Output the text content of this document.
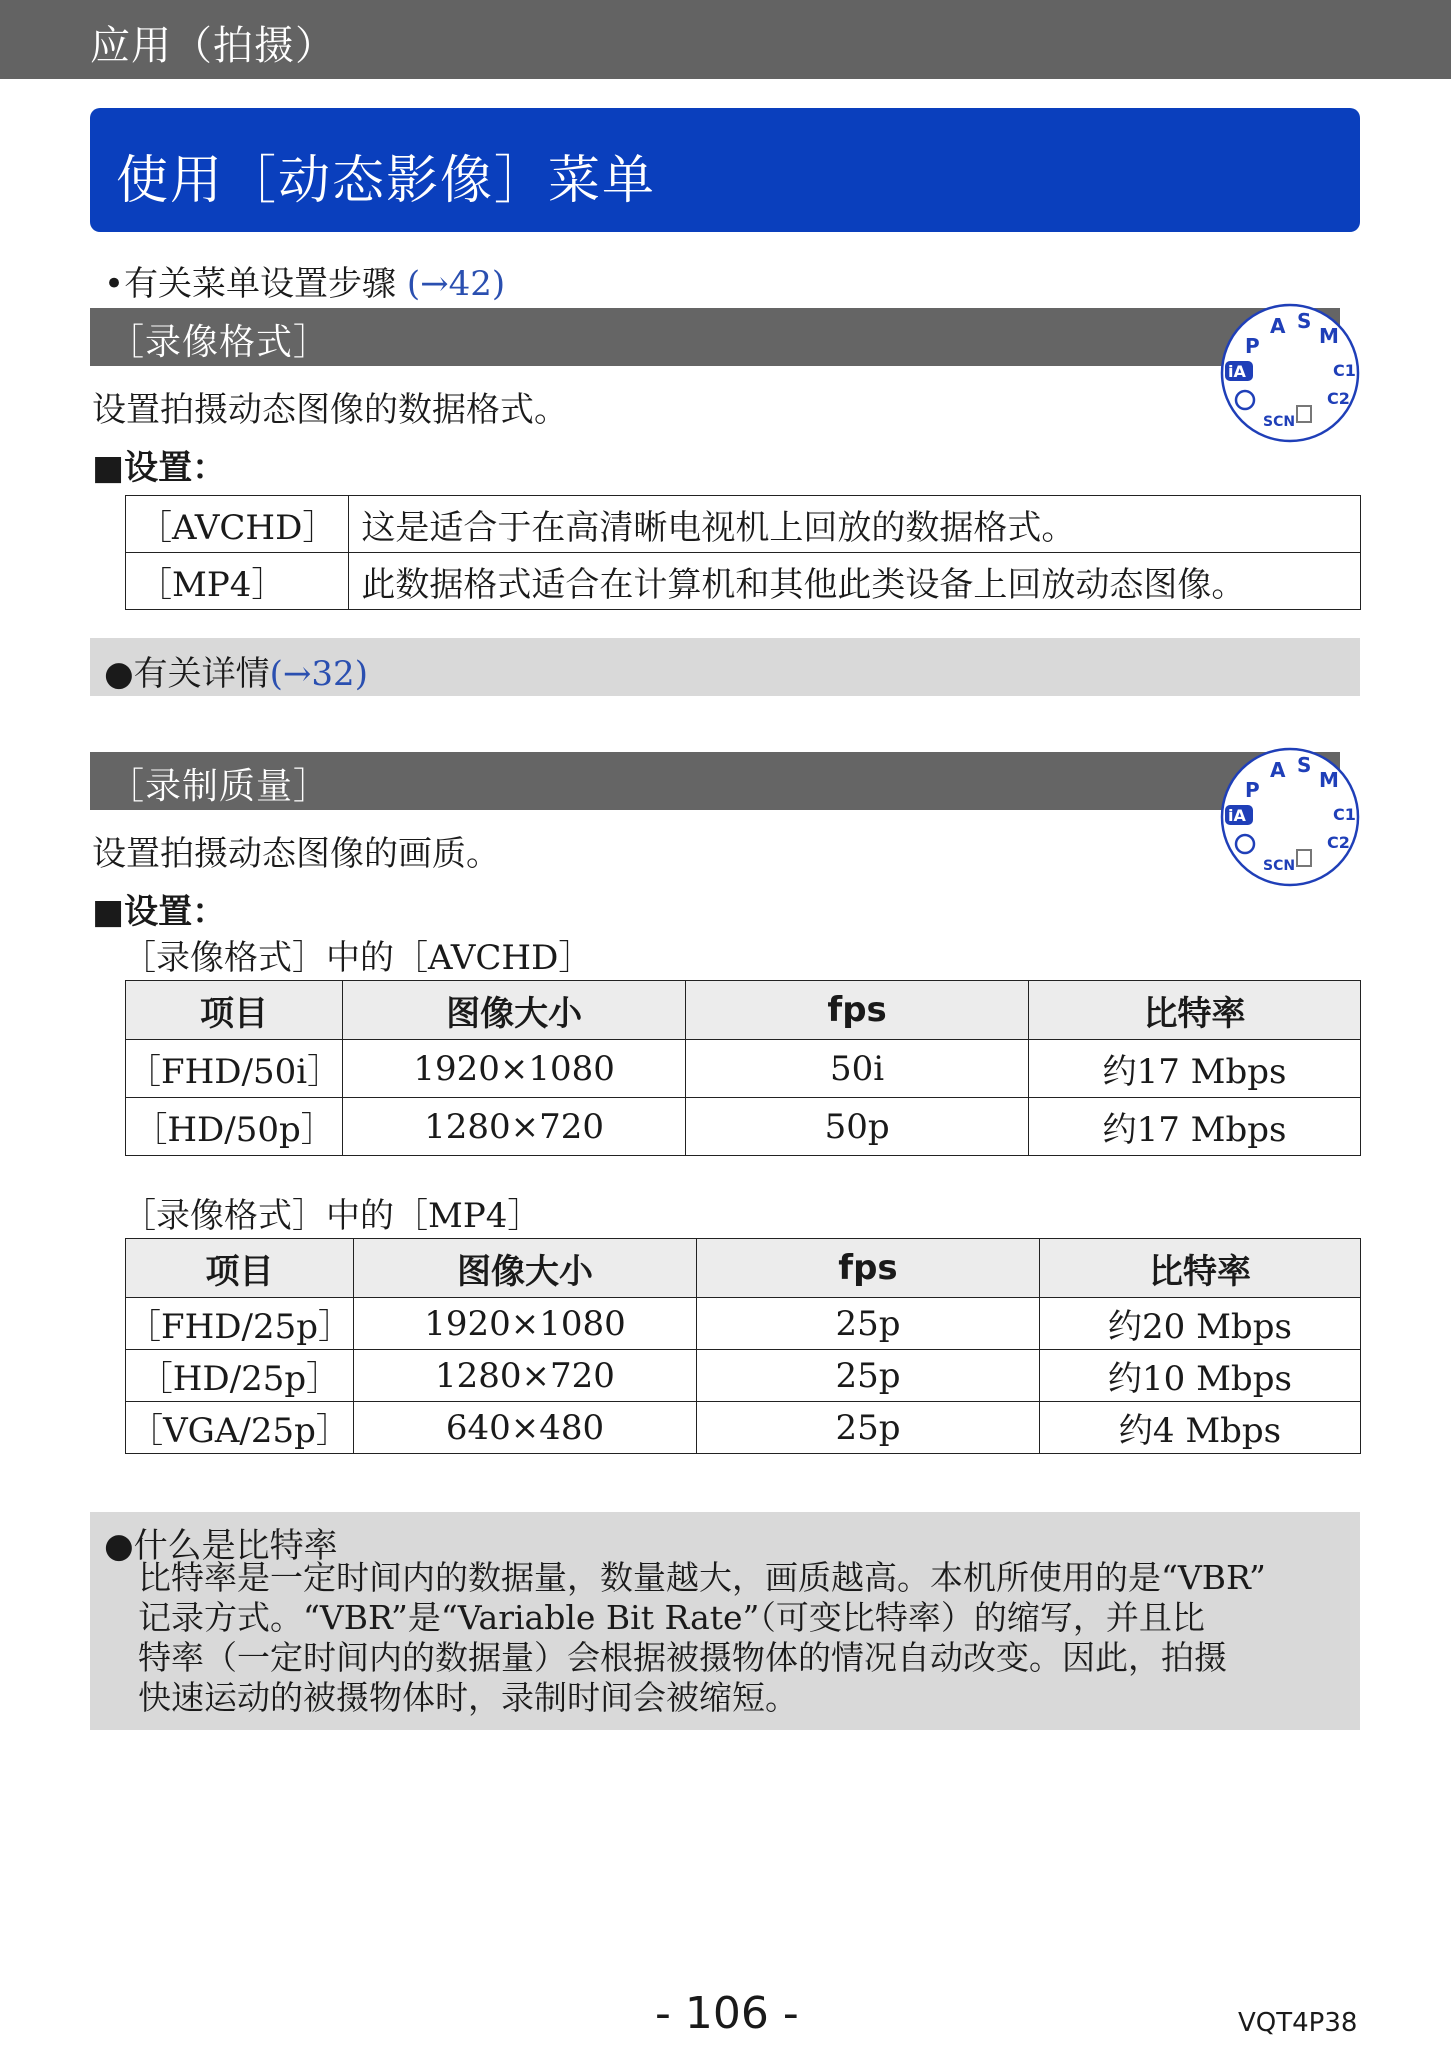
应用（拍摄）
使用［动态影像］菜单
•有关菜单设置步骤 (→42)
［录像格式］
S
M
C1
C2
A
P
iA
SCN
设置拍摄动态图像的数据格式。
■设置：
［AVCHD］	这是适合于在高清晰电视机上回放的数据格式。
［MP4］	此数据格式适合在计算机和其他此类设备上回放动态图像。
●有关详情(→32)
［录制质量］
S
M
C1
C2
A
P
iA
SCN
设置拍摄动态图像的画质。
■设置：
［录像格式］中的［AVCHD］
项目	图像大小	fps	比特率
［FHD/50i］	1920×1080	50i	约17 Mbps
［HD/50p］	1280×720	50p	约17 Mbps
［录像格式］中的［MP4］
项目	图像大小	fps	比特率
［FHD/25p］	1920×1080	25p	约20 Mbps
［HD/25p］	1280×720	25p	约10 Mbps
［VGA/25p］	640×480	25p	约4 Mbps
●什么是比特率
比特率是一定时间内的数据量，数量越大，画质越高。本机所使用的是“VBR”
记录方式。“VBR”是“Variable Bit Rate”（可变比特率）的缩写，并且比
特率（一定时间内的数据量）会根据被摄物体的情况自动改变。因此，拍摄
快速运动的被摄物体时，录制时间会被缩短。
- 106 -	VQT4P38
